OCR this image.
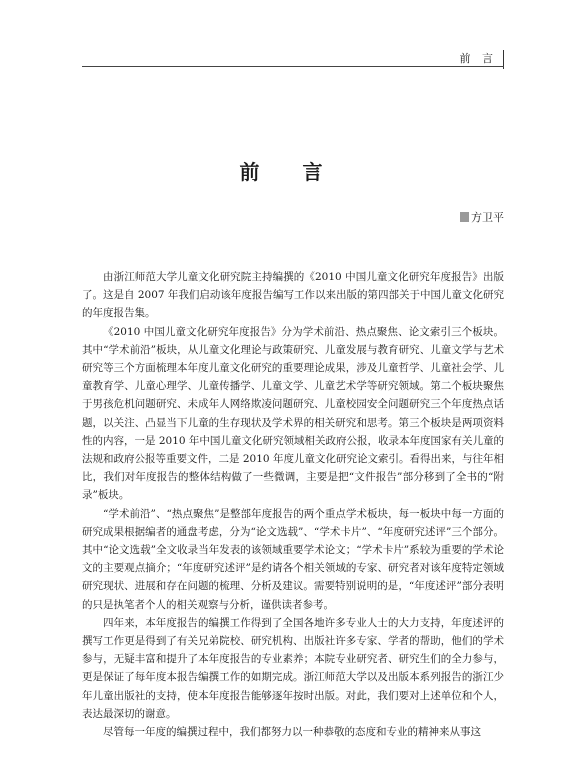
前 言
前 言
方卫平

由浙江师范大学儿童文化研究院主持编撰的《2010 中国儿童文化研究年度报告》出版了。这是自 2007 年我们启动该年度报告编写工作以来出版的第四部关于中国儿童文化研究的年度报告集。

《2010 中国儿童文化研究年度报告》分为学术前沿、热点聚焦、论文索引三个板块。其中“学术前沿”板块，从儿童文化理论与政策研究、儿童发展与教育研究、儿童文学与艺术研究等三个方面梳理本年度儿童文化研究的重要理论成果，涉及儿童哲学、儿童社会学、儿童教育学、儿童心理学、儿童传播学、儿童文学、儿童艺术学等研究领域。第二个板块聚焦于男孩危机问题研究、未成年人网络欺凌问题研究、儿童校园安全问题研究三个年度热点话题，以关注、凸显当下儿童的生存现状及学术界的相关研究和思考。第三个板块是两项资料性的内容，一是 2010 年中国儿童文化研究领域相关政府公报，收录本年度国家有关儿童的法规和政府公报等重要文件，二是 2010 年度儿童文化研究论文索引。看得出来，与往年相比，我们对年度报告的整体结构做了一些微调，主要是把“文件报告”部分移到了全书的“附录”板块。

“学术前沿”、“热点聚焦”是整部年度报告的两个重点学术板块，每一板块中每一方面的研究成果根据编者的通盘考虑，分为“论文选载”、“学术卡片”、“年度研究述评”三个部分。其中“论文选载”全文收录当年发表的该领域重要学术论文；“学术卡片”系较为重要的学术论文的主要观点摘介；“年度研究述评”是约请各个相关领域的专家、研究者对该年度特定领域研究现状、进展和存在问题的梳理、分析及建议。需要特别说明的是，“年度述评”部分表明的只是执笔者个人的相关观察与分析，谨供读者参考。

四年来，本年度报告的编撰工作得到了全国各地许多专业人士的大力支持，年度述评的撰写工作更是得到了有关兄弟院校、研究机构、出版社许多专家、学者的帮助，他们的学术参与，无疑丰富和提升了本年度报告的专业素养；本院专业研究者、研究生们的全力参与，更是保证了每年度本报告编撰工作的如期完成。浙江师范大学以及出版本系列报告的浙江少年儿童出版社的支持，使本年度报告能够逐年按时出版。对此，我们要对上述单位和个人，表达最深切的谢意。

尽管每一年度的编撰过程中，我们都努力以一种恭敬的态度和专业的精神来从事这
